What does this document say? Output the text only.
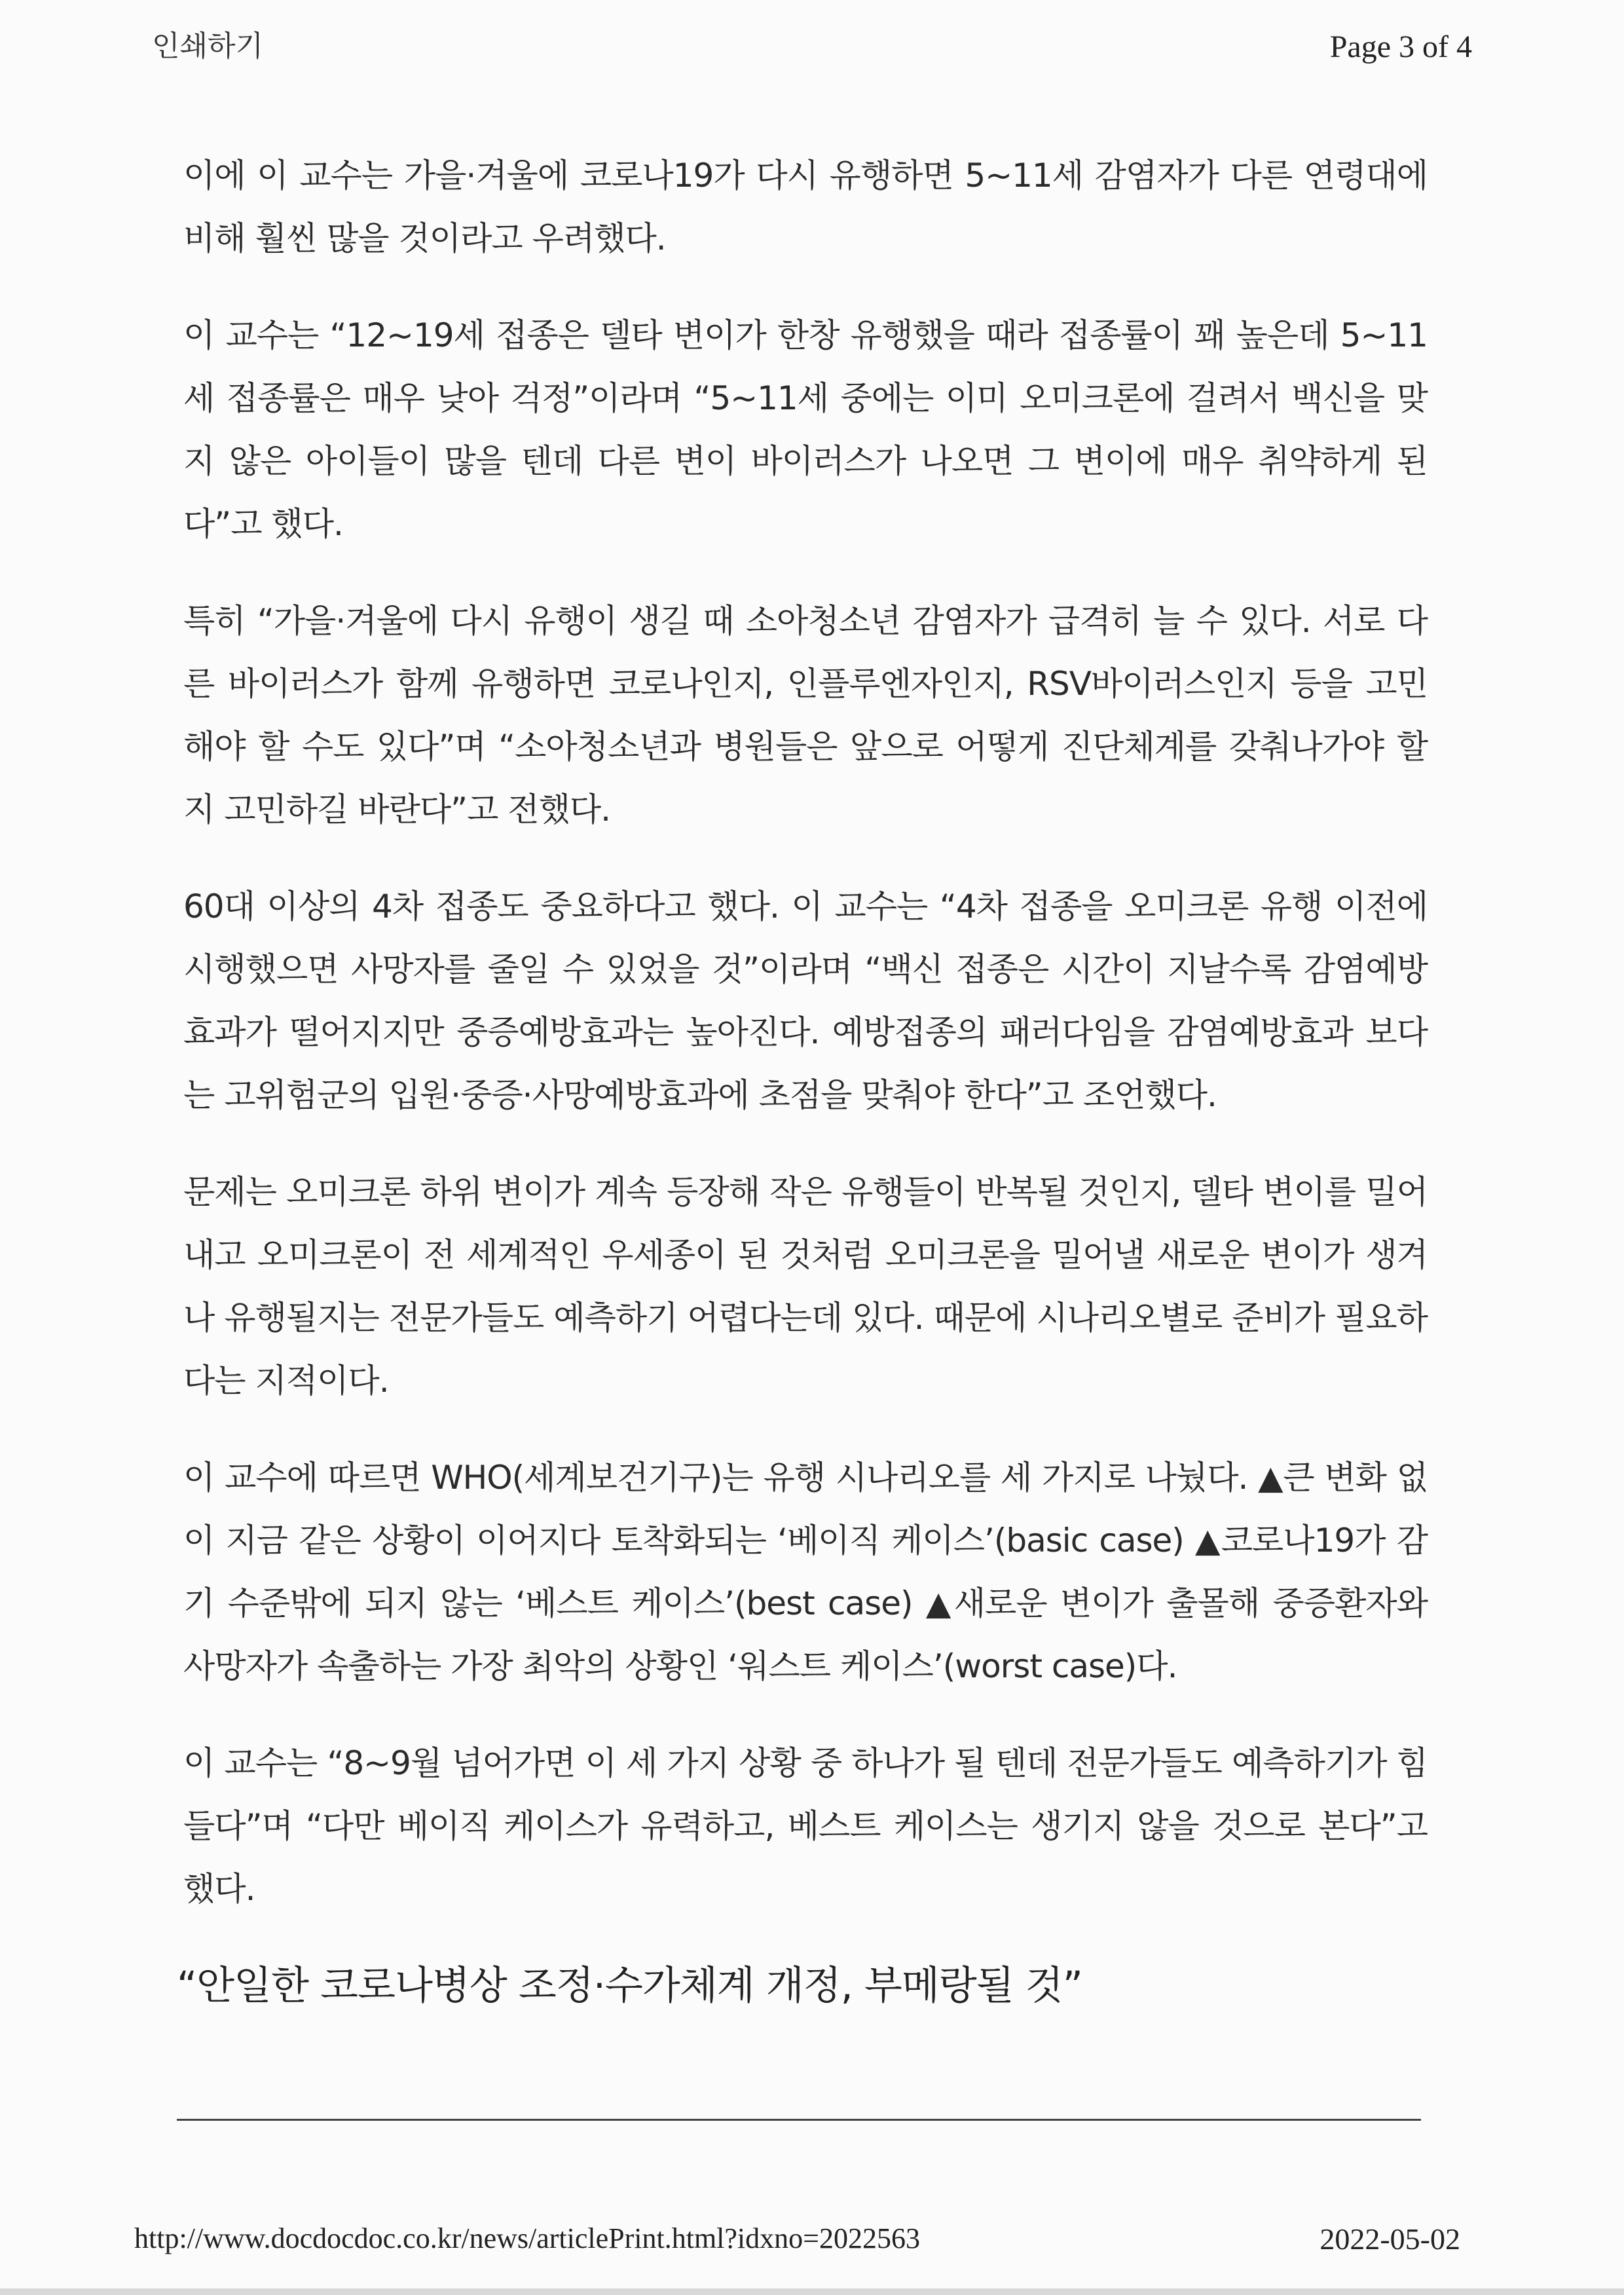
인쇄하기	Page 3 of 4

이에 이 교수는 가을·겨울에 코로나19가 다시 유행하면 5~11세 감염자가 다른 연령대에 비해 훨씬 많을 것이라고 우려했다.

이 교수는 “12~19세 접종은 델타 변이가 한창 유행했을 때라 접종률이 꽤 높은데 5~11세 접종률은 매우 낮아 걱정”이라며 “5~11세 중에는 이미 오미크론에 걸려서 백신을 맞지 않은 아이들이 많을 텐데 다른 변이 바이러스가 나오면 그 변이에 매우 취약하게 된다”고 했다.

특히 “가을·겨울에 다시 유행이 생길 때 소아청소년 감염자가 급격히 늘 수 있다. 서로 다른 바이러스가 함께 유행하면 코로나인지, 인플루엔자인지, RSV바이러스인지 등을 고민해야 할 수도 있다”며 “소아청소년과 병원들은 앞으로 어떻게 진단체계를 갖춰나가야 할지 고민하길 바란다”고 전했다.

60대 이상의 4차 접종도 중요하다고 했다. 이 교수는 “4차 접종을 오미크론 유행 이전에 시행했으면 사망자를 줄일 수 있었을 것”이라며 “백신 접종은 시간이 지날수록 감염예방효과가 떨어지지만 중증예방효과는 높아진다. 예방접종의 패러다임을 감염예방효과 보다는 고위험군의 입원·중증·사망예방효과에 초점을 맞춰야 한다”고 조언했다.

문제는 오미크론 하위 변이가 계속 등장해 작은 유행들이 반복될 것인지, 델타 변이를 밀어내고 오미크론이 전 세계적인 우세종이 된 것처럼 오미크론을 밀어낼 새로운 변이가 생겨나 유행될지는 전문가들도 예측하기 어렵다는데 있다. 때문에 시나리오별로 준비가 필요하다는 지적이다.

이 교수에 따르면 WHO(세계보건기구)는 유행 시나리오를 세 가지로 나눴다. ▲큰 변화 없이 지금 같은 상황이 이어지다 토착화되는 ‘베이직 케이스’(basic case) ▲코로나19가 감기 수준밖에 되지 않는 ‘베스트 케이스’(best case) ▲새로운 변이가 출몰해 중증환자와 사망자가 속출하는 가장 최악의 상황인 ‘워스트 케이스’(worst case)다.

이 교수는 “8~9월 넘어가면 이 세 가지 상황 중 하나가 될 텐데 전문가들도 예측하기가 힘들다”며 “다만 베이직 케이스가 유력하고, 베스트 케이스는 생기지 않을 것으로 본다”고 했다.

“안일한 코로나병상 조정·수가체계 개정, 부메랑될 것”
http://www.docdocdoc.co.kr/news/articlePrint.html?idxno=2022563	2022-05-02
